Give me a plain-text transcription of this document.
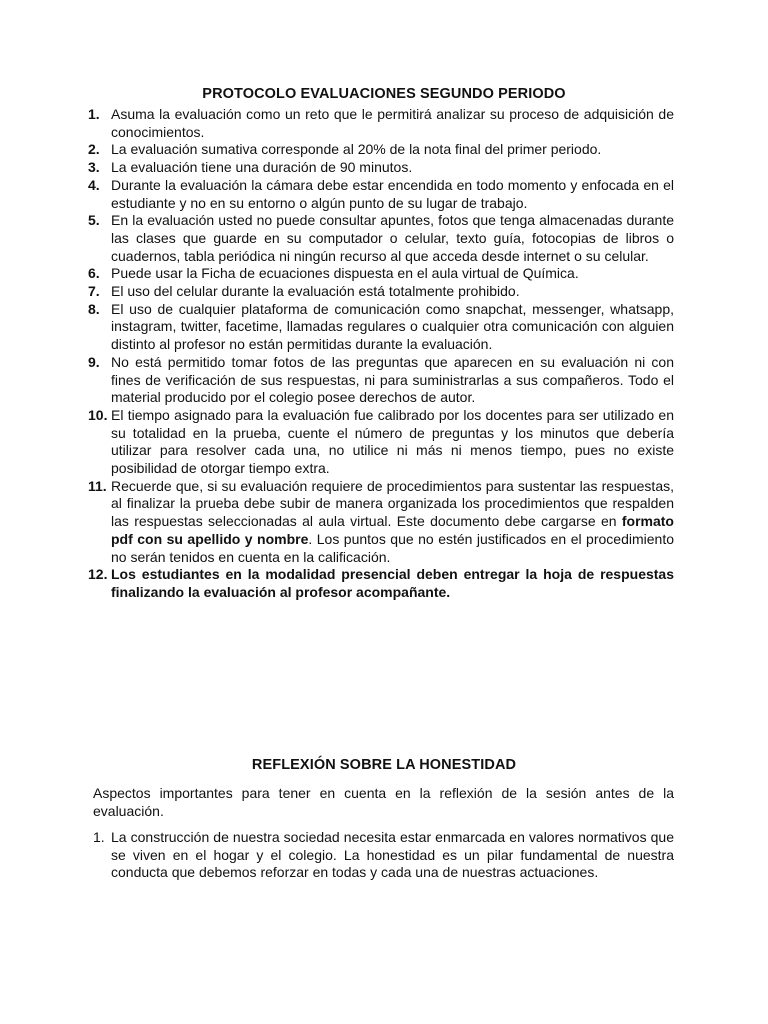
PROTOCOLO EVALUACIONES SEGUNDO PERIODO
1. Asuma la evaluación como un reto que le permitirá analizar su proceso de adquisición de conocimientos.
2. La evaluación sumativa corresponde al 20% de la nota final del primer periodo.
3. La evaluación tiene una duración de 90 minutos.
4. Durante la evaluación la cámara debe estar encendida en todo momento y enfocada en el estudiante y no en su entorno o algún punto de su lugar de trabajo.
5. En la evaluación usted no puede consultar apuntes, fotos que tenga almacenadas durante las clases que guarde en su computador o celular, texto guía, fotocopias de libros o cuadernos, tabla periódica ni ningún recurso al que acceda desde internet o su celular.
6. Puede usar la Ficha de ecuaciones dispuesta en el aula virtual de Química.
7. El uso del celular durante la evaluación está totalmente prohibido.
8. El uso de cualquier plataforma de comunicación como snapchat, messenger, whatsapp, instagram, twitter, facetime, llamadas regulares o cualquier otra comunicación con alguien distinto al profesor no están permitidas durante la evaluación.
9. No está permitido tomar fotos de las preguntas que aparecen en su evaluación ni con fines de verificación de sus respuestas, ni para suministrarlas a sus compañeros. Todo el material producido por el colegio posee derechos de autor.
10. El tiempo asignado para la evaluación fue calibrado por los docentes para ser utilizado en su totalidad en la prueba, cuente el número de preguntas y los minutos que debería utilizar para resolver cada una, no utilice ni más ni menos tiempo, pues no existe posibilidad de otorgar tiempo extra.
11. Recuerde que, si su evaluación requiere de procedimientos para sustentar las respuestas, al finalizar la prueba debe subir de manera organizada los procedimientos que respalden las respuestas seleccionadas al aula virtual. Este documento debe cargarse en formato pdf con su apellido y nombre. Los puntos que no estén justificados en el procedimiento no serán tenidos en cuenta en la calificación.
12. Los estudiantes en la modalidad presencial deben entregar la hoja de respuestas finalizando la evaluación al profesor acompañante.
REFLEXIÓN SOBRE LA HONESTIDAD

Aspectos importantes para tener en cuenta en la reflexión de la sesión antes de la evaluación.

1. La construcción de nuestra sociedad necesita estar enmarcada en valores normativos que se viven en el hogar y el colegio. La honestidad es un pilar fundamental de nuestra conducta que debemos reforzar en todas y cada una de nuestras actuaciones.
